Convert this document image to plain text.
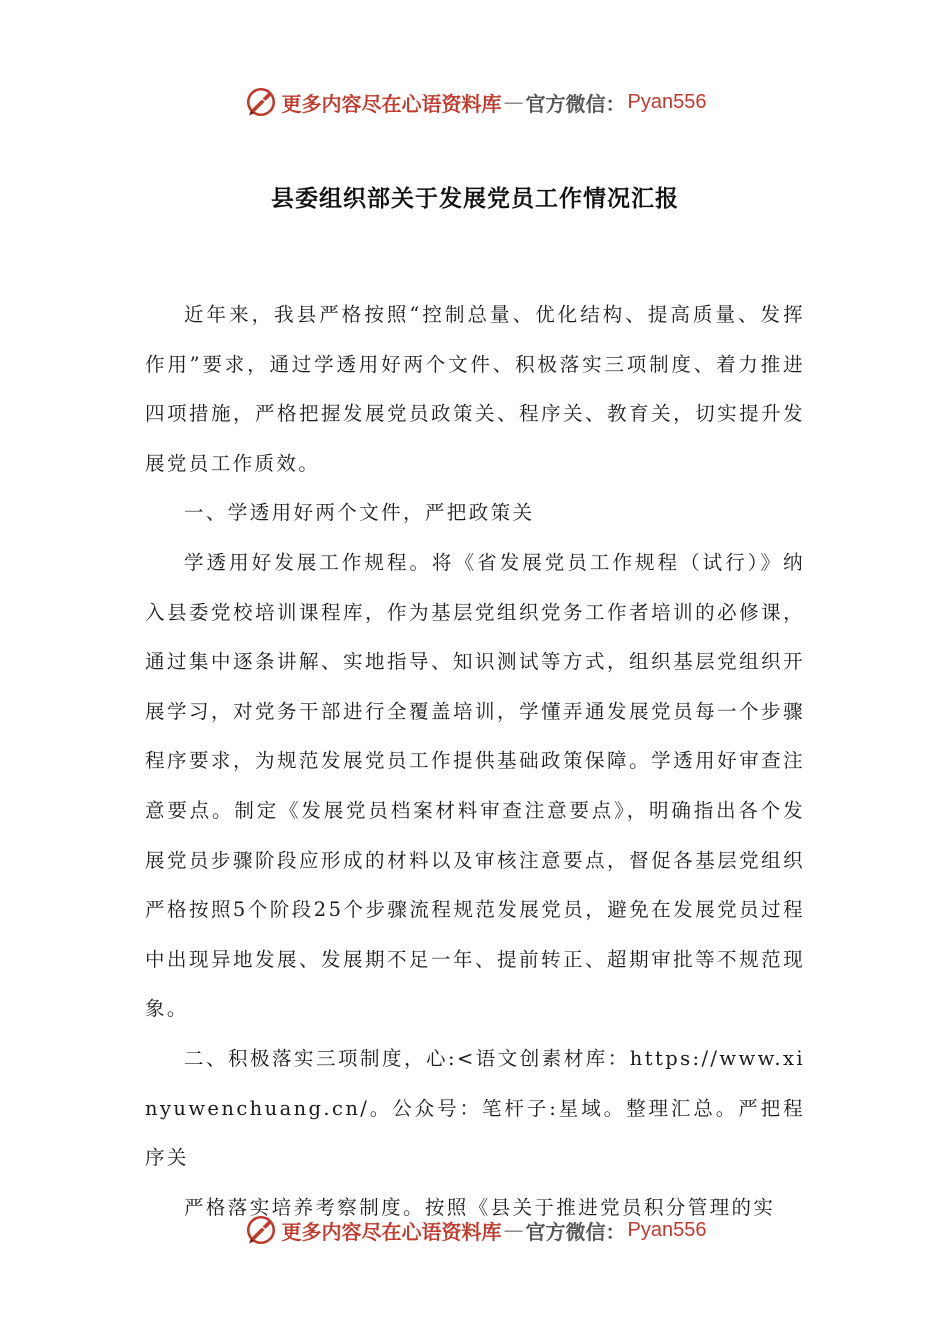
更多内容尽在心语资料库 — 官方微信： Pyan556
县委组织部关于发展党员工作情况汇报

近年来，我县严格按照“控制总量、优化结构、提高质量、发挥作用”要求，通过学透用好两个文件、积极落实三项制度、着力推进四项措施，严格把握发展党员政策关、程序关、教育关，切实提升发展党员工作质效。

一、学透用好两个文件，严把政策关

学透用好发展工作规程。将《省发展党员工作规程（试行）》纳入县委党校培训课程库，作为基层党组织党务工作者培训的必修课，通过集中逐条讲解、实地指导、知识测试等方式，组织基层党组织开展学习，对党务干部进行全覆盖培训，学懂弄通发展党员每一个步骤程序要求，为规范发展党员工作提供基础政策保障。学透用好审查注意要点。制定《发展党员档案材料审查注意要点》，明确指出各个发展党员步骤阶段应形成的材料以及审核注意要点，督促各基层党组织严格按照5个阶段25个步骤流程规范发展党员，避免在发展党员过程中出现异地发展、发展期不足一年、提前转正、超期审批等不规范现象。

二、积极落实三项制度，心:<语文创素材库：https://www.xinyuwenchuang.cn/。公众号：笔杆子:星域。整理汇总。严把程序关

严格落实培养考察制度。按照《县关于推进党员积分管理的实

更多内容尽在心语资料库 — 官方微信： Pyan556
